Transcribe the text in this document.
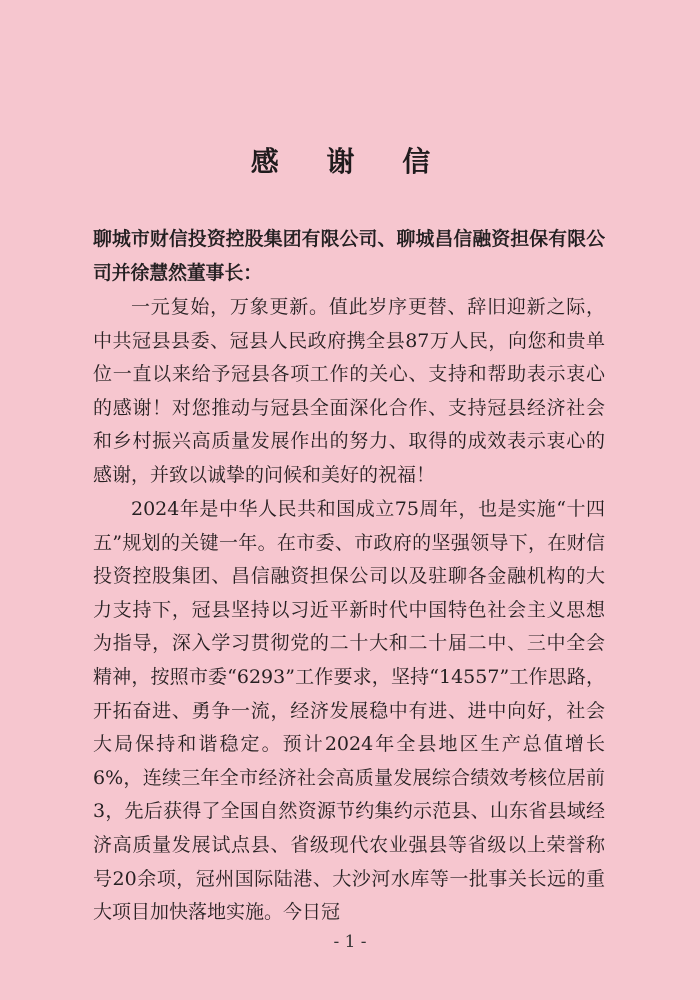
感 谢 信

聊城市财信投资控股集团有限公司、聊城昌信融资担保有限公司并徐慧然董事长：

一元复始，万象更新。值此岁序更替、辞旧迎新之际，中共冠县县委、冠县人民政府携全县87万人民，向您和贵单位一直以来给予冠县各项工作的关心、支持和帮助表示衷心的感谢！对您推动与冠县全面深化合作、支持冠县经济社会和乡村振兴高质量发展作出的努力、取得的成效表示衷心的感谢，并致以诚挚的问候和美好的祝福！

2024年是中华人民共和国成立75周年，也是实施“十四五”规划的关键一年。在市委、市政府的坚强领导下，在财信投资控股集团、昌信融资担保公司以及驻聊各金融机构的大力支持下，冠县坚持以习近平新时代中国特色社会主义思想为指导，深入学习贯彻党的二十大和二十届二中、三中全会精神，按照市委“6293”工作要求，坚持“14557”工作思路，开拓奋进、勇争一流，经济发展稳中有进、进中向好，社会大局保持和谐稳定。预计2024年全县地区生产总值增长6%，连续三年全市经济社会高质量发展综合绩效考核位居前3，先后获得了全国自然资源节约集约示范县、山东省县域经济高质量发展试点县、省级现代农业强县等省级以上荣誉称号20余项，冠州国际陆港、大沙河水库等一批事关长远的重大项目加快落地实施。今日冠

- 1 -
